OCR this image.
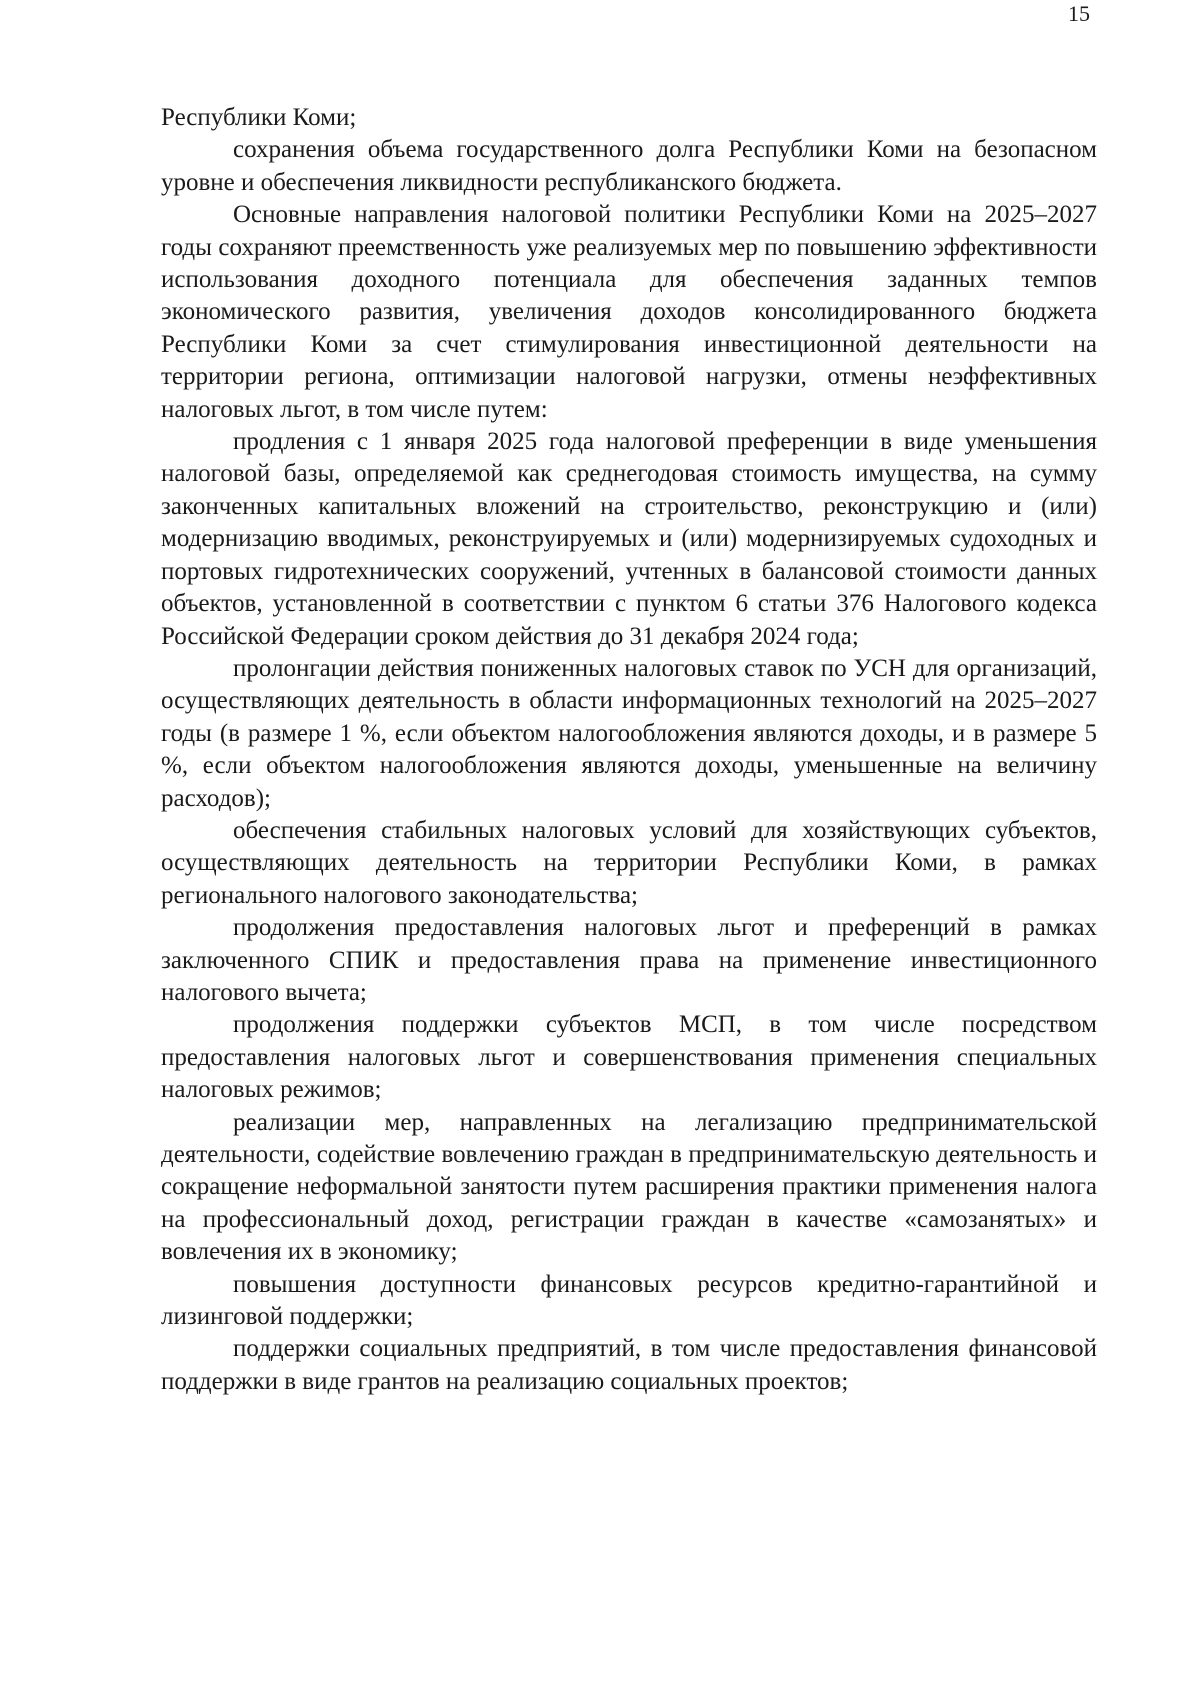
15

Республики Коми;

сохранения объема государственного долга Республики Коми на безопасном уровне и обеспечения ликвидности республиканского бюджета.

Основные направления налоговой политики Республики Коми на 2025–2027 годы сохраняют преемственность уже реализуемых мер по повышению эффективности использования доходного потенциала для обеспечения заданных темпов экономического развития, увеличения доходов консолидированного бюджета Республики Коми за счет стимулирования инвестиционной деятельности на территории региона, оптимизации налоговой нагрузки, отмены неэффективных налоговых льгот, в том числе путем:

продления с 1 января 2025 года налоговой преференции в виде уменьшения налоговой базы, определяемой как среднегодовая стоимость имущества, на сумму законченных капитальных вложений на строительство, реконструкцию и (или) модернизацию вводимых, реконструируемых и (или) модернизируемых судоходных и портовых гидротехнических сооружений, учтенных в балансовой стоимости данных объектов, установленной в соответствии с пунктом 6 статьи 376 Налогового кодекса Российской Федерации сроком действия до 31 декабря 2024 года;

пролонгации действия пониженных налоговых ставок по УСН для организаций, осуществляющих деятельность в области информационных технологий на 2025–2027 годы (в размере 1 %, если объектом налогообложения являются доходы, и в размере 5 %, если объектом налогообложения являются доходы, уменьшенные на величину расходов);

обеспечения стабильных налоговых условий для хозяйствующих субъектов, осуществляющих деятельность на территории Республики Коми, в рамках регионального налогового законодательства;

продолжения предоставления налоговых льгот и преференций в рамках заключенного СПИК и предоставления права на применение инвестиционного налогового вычета;

продолжения поддержки субъектов МСП, в том числе посредством предоставления налоговых льгот и совершенствования применения специальных налоговых режимов;

реализации мер, направленных на легализацию предпринимательской деятельности, содействие вовлечению граждан в предпринимательскую деятельность и сокращение неформальной занятости путем расширения практики применения налога на профессиональный доход, регистрации граждан в качестве «самозанятых» и вовлечения их в экономику;

повышения доступности финансовых ресурсов кредитно-гарантийной и лизинговой поддержки;

поддержки социальных предприятий, в том числе предоставления финансовой поддержки в виде грантов на реализацию социальных проектов;
